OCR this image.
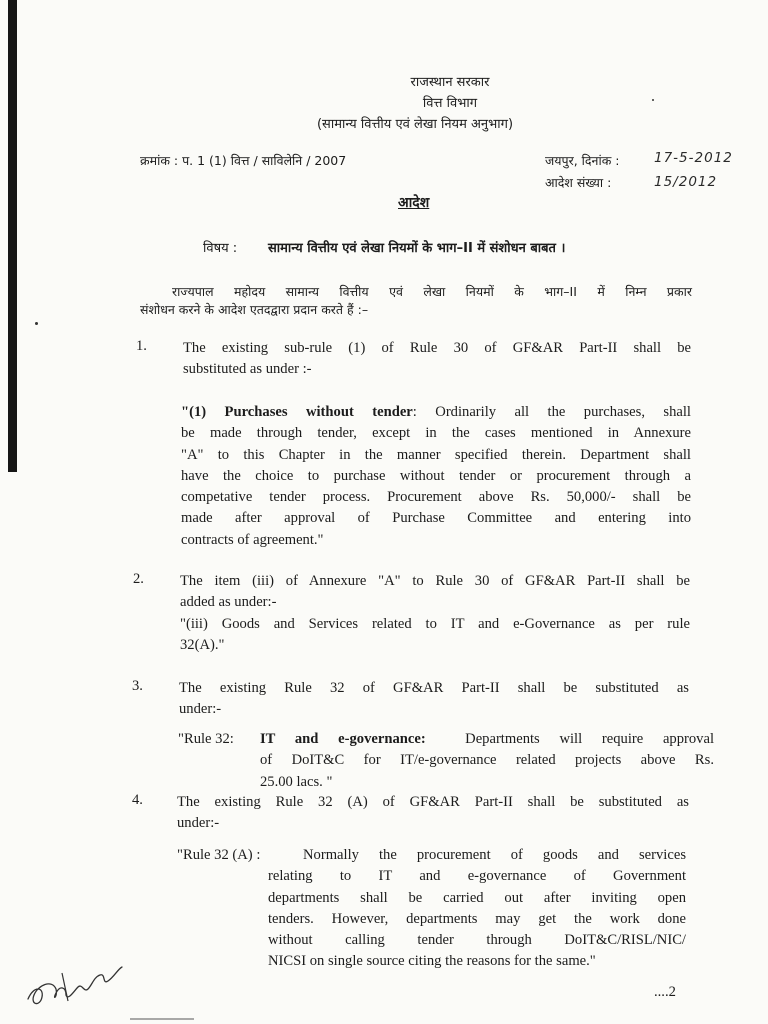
राजस्थान सरकार
वित्त विभाग
(सामान्य वित्तीय एवं लेखा नियम अनुभाग)
क्रमांक : प. 1 (1) वित्त / साविलेनि / 2007	जयपुर, दिनांक :	17-5-2012
आदेश संख्या :	15/2012
आदेश
विषय : सामान्य वित्तीय एवं लेखा नियमों के भाग–II में संशोधन बाबत ।
राज्यपाल महोदय सामान्य वित्तीय एवं लेखा नियमों के भाग–II में निम्न प्रकार
संशोधन करने के आदेश एतदद्वारा प्रदान करते हैं :–
1. The existing sub-rule (1) of Rule 30 of GF&AR Part-II shall be
substituted as under :-
"(1) Purchases without tender: Ordinarily all the purchases, shall
be made through tender, except in the cases mentioned in Annexure
"A" to this Chapter in the manner specified therein. Department shall
have the choice to purchase without tender or procurement through a
competative tender process. Procurement above Rs. 50,000/- shall be
made after approval of Purchase Committee and entering into
contracts of agreement."
2. The item (iii) of Annexure "A" to Rule 30 of GF&AR Part-II shall be
added as under:-
"(iii) Goods and Services related to IT and e-Governance as per rule
32(A)."
3. The existing Rule 32 of GF&AR Part-II shall be substituted as
under:-
"Rule 32: IT and e-governance:	Departments will require approval
of DoIT&C for IT/e-governance related projects above Rs.
25.00 lacs. "
4. The existing Rule 32 (A) of GF&AR Part-II shall be substituted as
under:-
"Rule 32 (A) :	Normally the procurement of goods and services
relating to IT and e-governance of Government
departments shall be carried out after inviting open
tenders. However, departments may get the work done
without calling tender through DoIT&C/RISL/NIC/
NICSI on single source citing the reasons for the same."
....2
